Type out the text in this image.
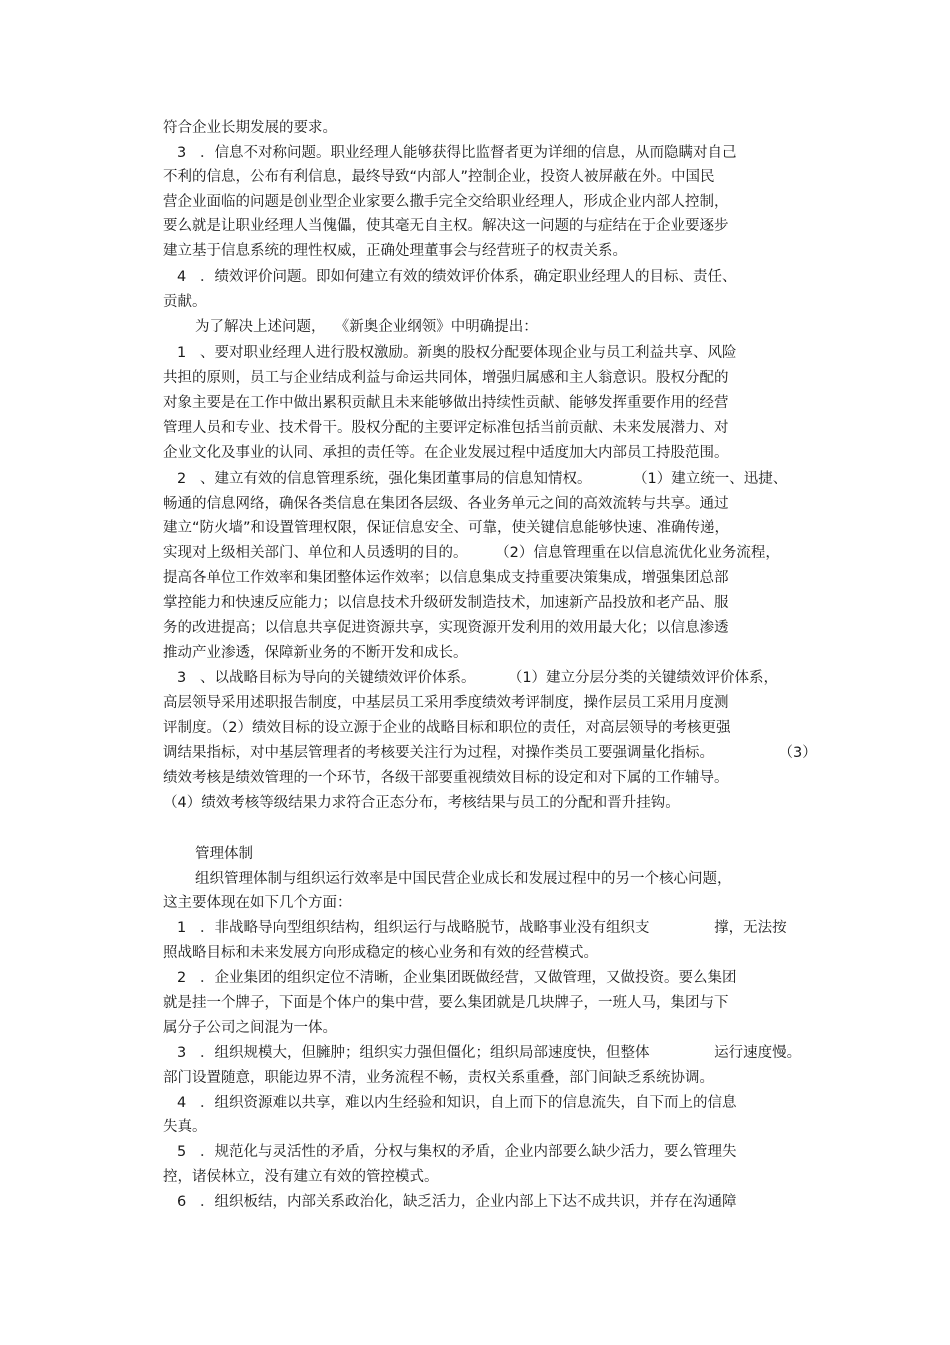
符合企业长期发展的要求。
3   ．信息不对称问题。职业经理人能够获得比监督者更为详细的信息，从而隐瞒对自己
不利的信息，公布有利信息，最终导致“内部人”控制企业，投资人被屏蔽在外。中国民
营企业面临的问题是创业型企业家要么撒手完全交给职业经理人，形成企业内部人控制，
要么就是让职业经理人当傀儡，使其毫无自主权。解决这一问题的与症结在于企业要逐步
建立基于信息系统的理性权威，正确处理董事会与经营班子的权责关系。
4   ．绩效评价问题。即如何建立有效的绩效评价体系，确定职业经理人的目标、责任、
贡献。
为了解决上述问题，  《新奥企业纲领》中明确提出：
1   、要对职业经理人进行股权激励。新奥的股权分配要体现企业与员工利益共享、风险
共担的原则，员工与企业结成利益与命运共同体，增强归属感和主人翁意识。股权分配的
对象主要是在工作中做出累积贡献且未来能够做出持续性贡献、能够发挥重要作用的经营
管理人员和专业、技术骨干。股权分配的主要评定标准包括当前贡献、未来发展潜力、对
企业文化及事业的认同、承担的责任等。在企业发展过程中适度加大内部员工持股范围。
2   、建立有效的信息管理系统，强化集团董事局的信息知情权。         （1）建立统一、迅捷、
畅通的信息网络，确保各类信息在集团各层级、各业务单元之间的高效流转与共享。通过
建立“防火墙”和设置管理权限，保证信息安全、可靠，使关键信息能够快速、准确传递，
实现对上级相关部门、单位和人员透明的目的。      （2）信息管理重在以信息流优化业务流程，
提高各单位工作效率和集团整体运作效率；以信息集成支持重要决策集成，增强集团总部
掌控能力和快速反应能力；以信息技术升级研发制造技术，加速新产品投放和老产品、服
务的改进提高；以信息共享促进资源共享，实现资源开发利用的效用最大化；以信息渗透
推动产业渗透，保障新业务的不断开发和成长。
3   、以战略目标为导向的关键绩效评价体系。       （1）建立分层分类的关键绩效评价体系，
高层领导采用述职报告制度，中基层员工采用季度绩效考评制度，操作层员工采用月度测
评制度。（2）绩效目标的设立源于企业的战略目标和职位的责任，对高层领导的考核更强
调结果指标，对中基层管理者的考核要关注行为过程，对操作类员工要强调量化指标。              （3）
绩效考核是绩效管理的一个环节，各级干部要重视绩效目标的设定和对下属的工作辅导。
（4）绩效考核等级结果力求符合正态分布，考核结果与员工的分配和晋升挂钩。
管理体制
组织管理体制与组织运行效率是中国民营企业成长和发展过程中的另一个核心问题，
这主要体现在如下几个方面：
1   ．非战略导向型组织结构，组织运行与战略脱节，战略事业没有组织支              撑，无法按
照战略目标和未来发展方向形成稳定的核心业务和有效的经营模式。
2   ．企业集团的组织定位不清晰，企业集团既做经营，又做管理，又做投资。要么集团
就是挂一个牌子，下面是个体户的集中营，要么集团就是几块牌子，一班人马，集团与下
属分子公司之间混为一体。
3   ．组织规模大，但臃肿；组织实力强但僵化；组织局部速度快，但整体              运行速度慢。
部门设置随意，职能边界不清，业务流程不畅，责权关系重叠，部门间缺乏系统协调。
4   ．组织资源难以共享，难以内生经验和知识，自上而下的信息流失，自下而上的信息
失真。
5   ．规范化与灵活性的矛盾，分权与集权的矛盾，企业内部要么缺少活力，要么管理失
控，诸侯林立，没有建立有效的管控模式。
6   ．组织板结，内部关系政治化，缺乏活力，企业内部上下达不成共识，并存在沟通障
